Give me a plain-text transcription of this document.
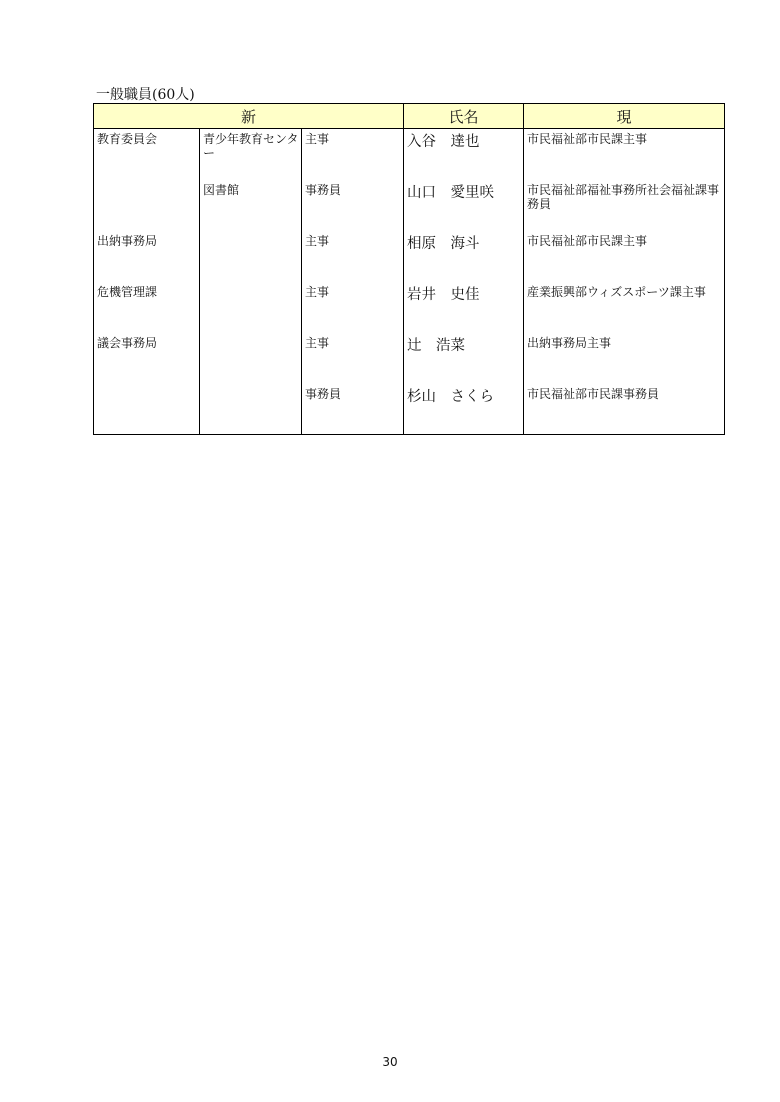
一般職員(60人)
新			氏名	現
教育委員会	青少年教育センター	主事	入谷　達也	市民福祉部市民課主事
	図書館	事務員	山口　愛里咲	市民福祉部福祉事務所社会福祉課事務員
出納事務局		主事	相原　海斗	市民福祉部市民課主事
危機管理課		主事	岩井　史佳	産業振興部ウィズスポーツ課主事
議会事務局		主事	辻　浩菜	出納事務局主事
		事務員	杉山　さくら	市民福祉部市民課事務員
30
